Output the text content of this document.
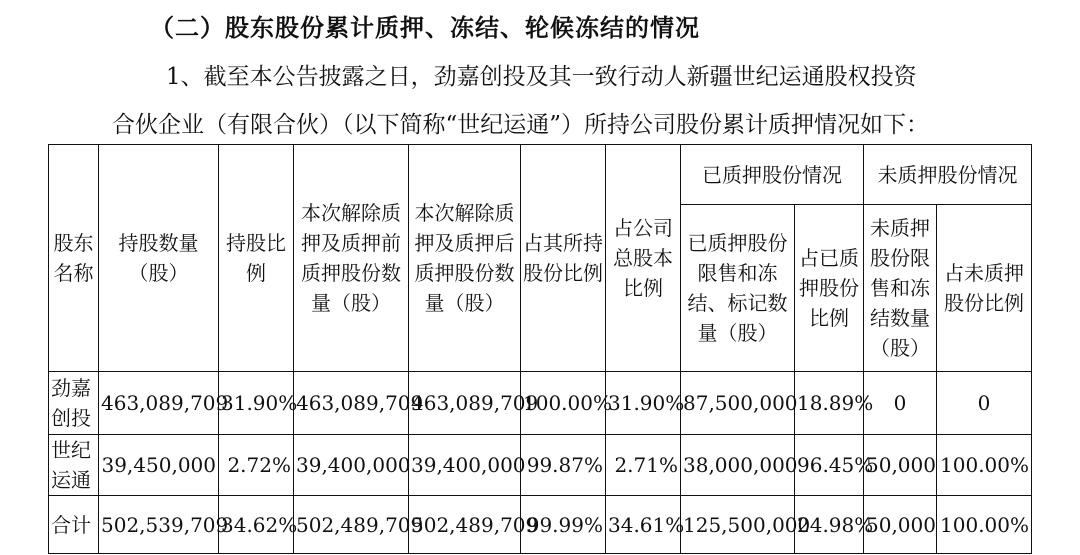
（二）股东股份累计质押、冻结、轮候冻结的情况
1、截至本公告披露之日，劲嘉创投及其一致行动人新疆世纪运通股权投资
合伙企业（有限合伙）（以下简称“世纪运通”）所持公司股份累计质押情况如下：
股东名称	持股数量（股）	持股比例	本次解除质押及质押前质押股份数量（股）	本次解除质押及质押后质押股份数量（股）	占其所持股份比例	占公司总股本比例	已质押股份情况		未质押股份情况	
							已质押股份限售和冻结、标记数量（股）	占已质押股份比例	未质押股份限售和冻结数量（股）	占未质押股份比例
劲嘉创投	463,089,709	31.90%	463,089,709	463,089,709	100.00%	31.90%	87,500,000	18.89%	0	0
世纪运通	39,450,000	2.72%	39,400,000	39,400,000	99.87%	2.71%	38,000,000	96.45%	50,000	100.00%
合计	502,539,709	34.62%	502,489,709	502,489,709	99.99%	34.61%	125,500,000	24.98%	50,000	100.00%
